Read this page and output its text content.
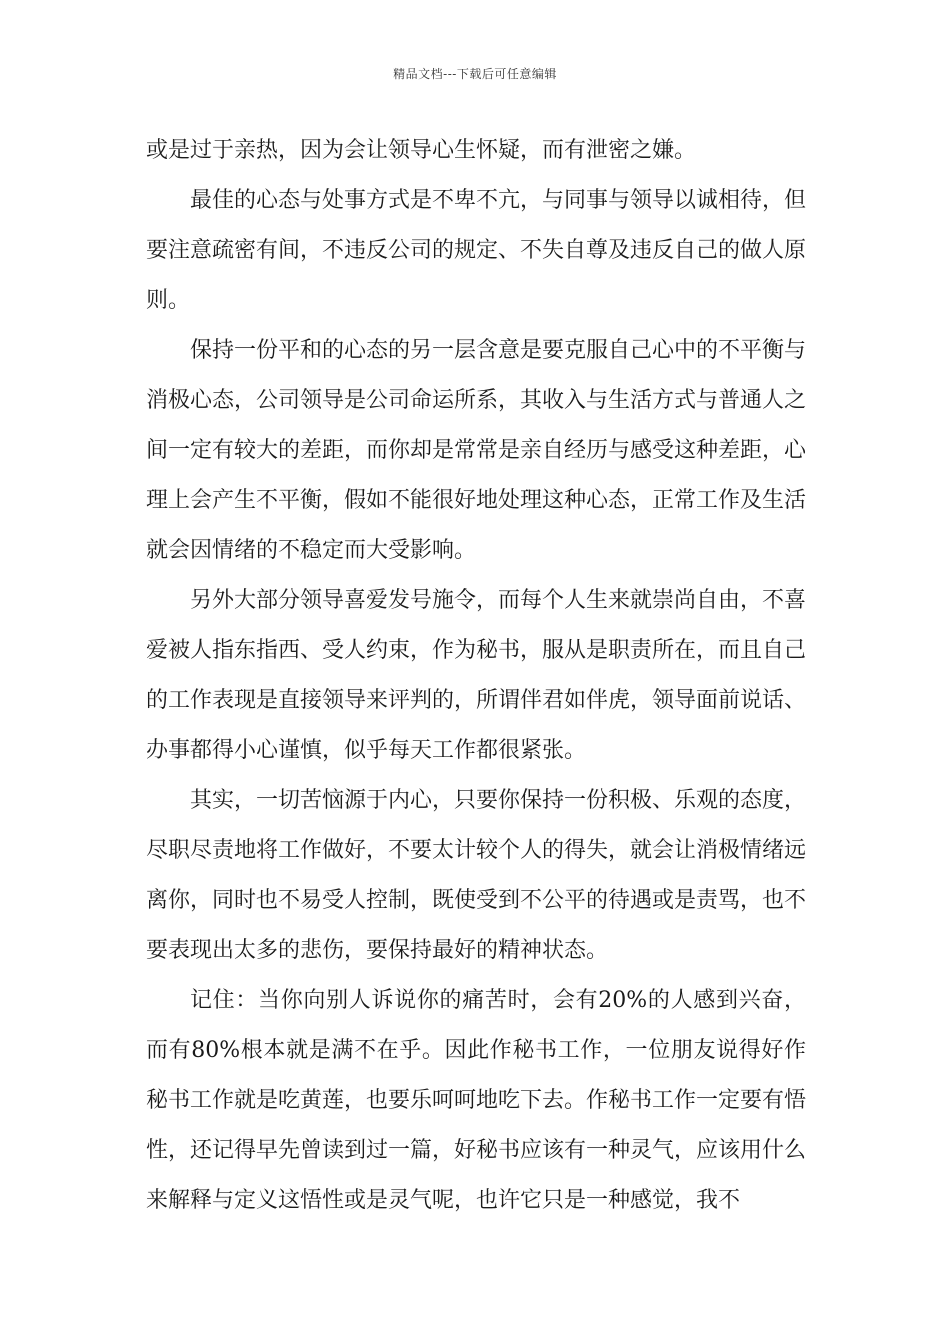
精品文档---下载后可任意编辑

或是过于亲热，因为会让领导心生怀疑，而有泄密之嫌。

最佳的心态与处事方式是不卑不亢，与同事与领导以诚相待，但要注意疏密有间，不违反公司的规定、不失自尊及违反自己的做人原则。

保持一份平和的心态的另一层含意是要克服自己心中的不平衡与消极心态，公司领导是公司命运所系，其收入与生活方式与普通人之间一定有较大的差距，而你却是常常是亲自经历与感受这种差距，心理上会产生不平衡，假如不能很好地处理这种心态，正常工作及生活就会因情绪的不稳定而大受影响。

另外大部分领导喜爱发号施令，而每个人生来就崇尚自由，不喜爱被人指东指西、受人约束，作为秘书，服从是职责所在，而且自己的工作表现是直接领导来评判的，所谓伴君如伴虎，领导面前说话、办事都得小心谨慎，似乎每天工作都很紧张。

其实，一切苦恼源于内心，只要你保持一份积极、乐观的态度，尽职尽责地将工作做好，不要太计较个人的得失，就会让消极情绪远离你，同时也不易受人控制，既使受到不公平的待遇或是责骂，也不要表现出太多的悲伤，要保持最好的精神状态。

记住：当你向别人诉说你的痛苦时，会有20%的人感到兴奋，而有80%根本就是满不在乎。因此作秘书工作，一位朋友说得好作秘书工作就是吃黄莲，也要乐呵呵地吃下去。作秘书工作一定要有悟性，还记得早先曾读到过一篇，好秘书应该有一种灵气，应该用什么来解释与定义这悟性或是灵气呢，也许它只是一种感觉，我不
